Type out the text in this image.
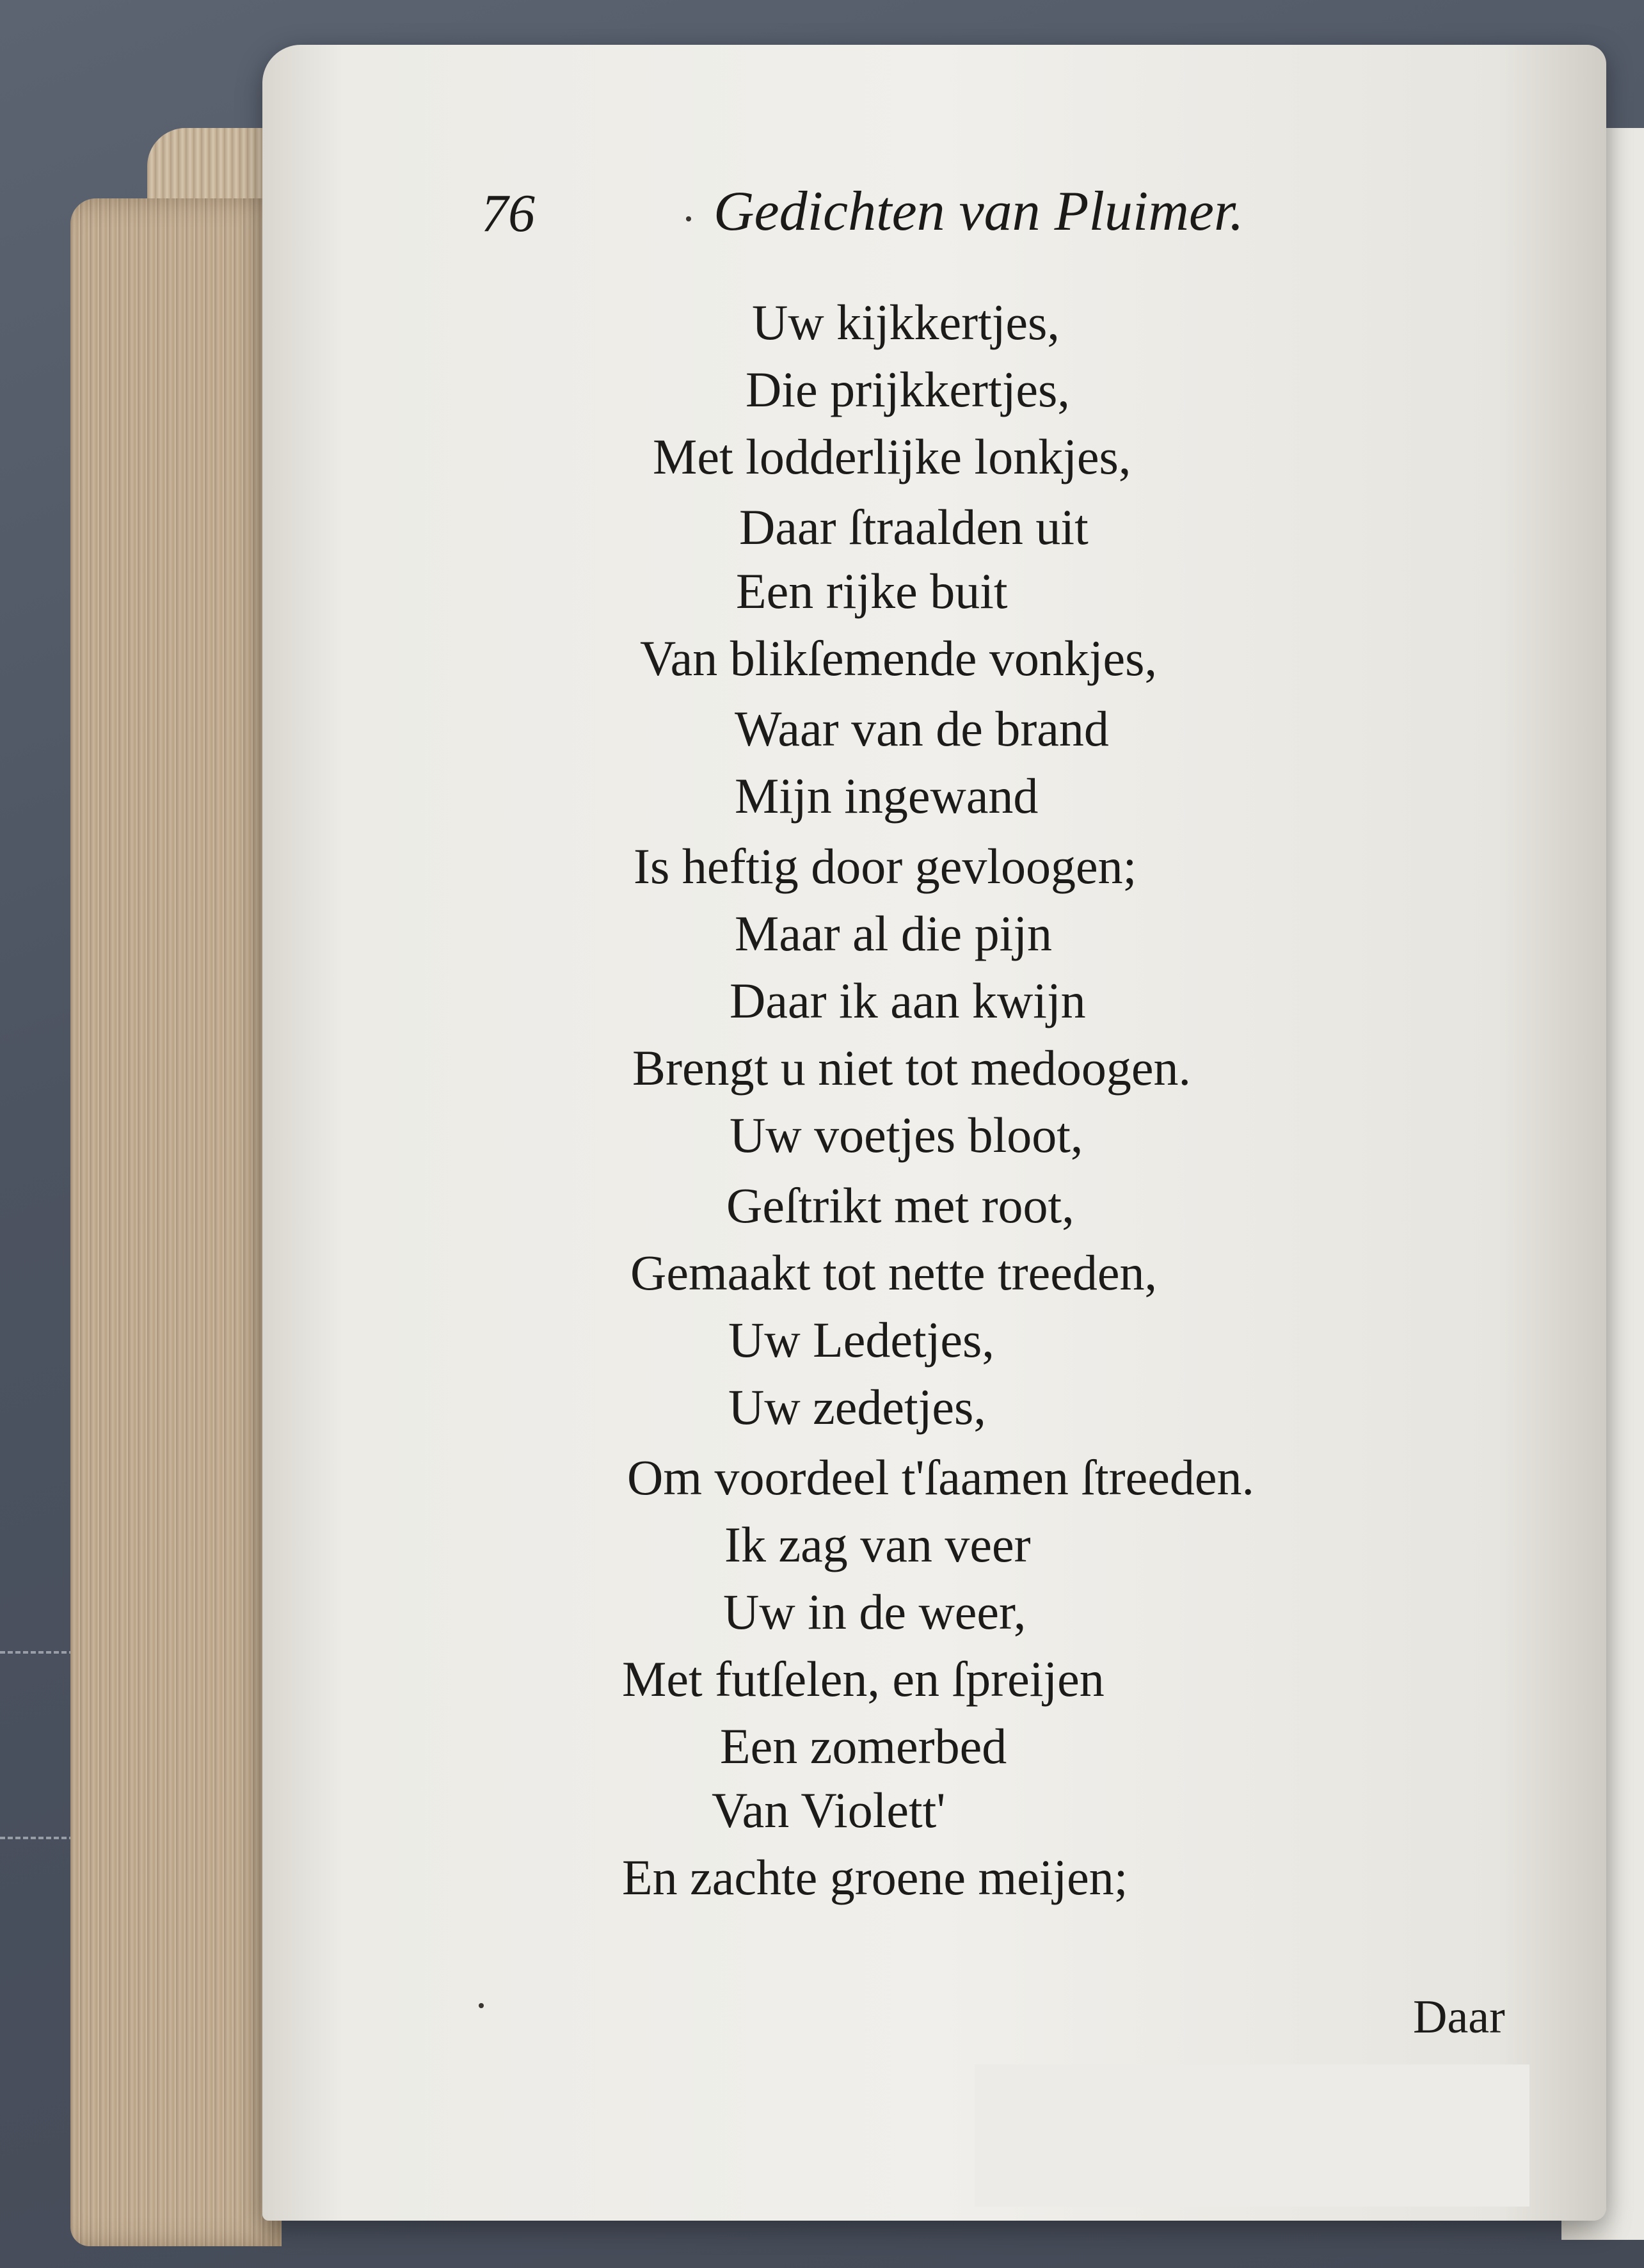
76	Gedichten van Pluimer.
Uw kijkkertjes,
Die prijkkertjes,
Met lodderlijke lonkjes,
Daar ſtraalden uit
Een rijke buit
Van blikſemende vonkjes,
Waar van de brand
Mijn ingewand
Is heftig door gevloogen;
Maar al die pijn
Daar ik aan kwijn
Brengt u niet tot medoogen.
Uw voetjes bloot,
Geſtrikt met root,
Gemaakt tot nette treeden,
Uw Ledetjes,
Uw zedetjes,
Om voordeel t'ſaamen ſtreeden.
Ik zag van veer
Uw in de weer,
Met futſelen, en ſpreijen
Een zomerbed
Van Violett'
En zachte groene meijen;
Daar
